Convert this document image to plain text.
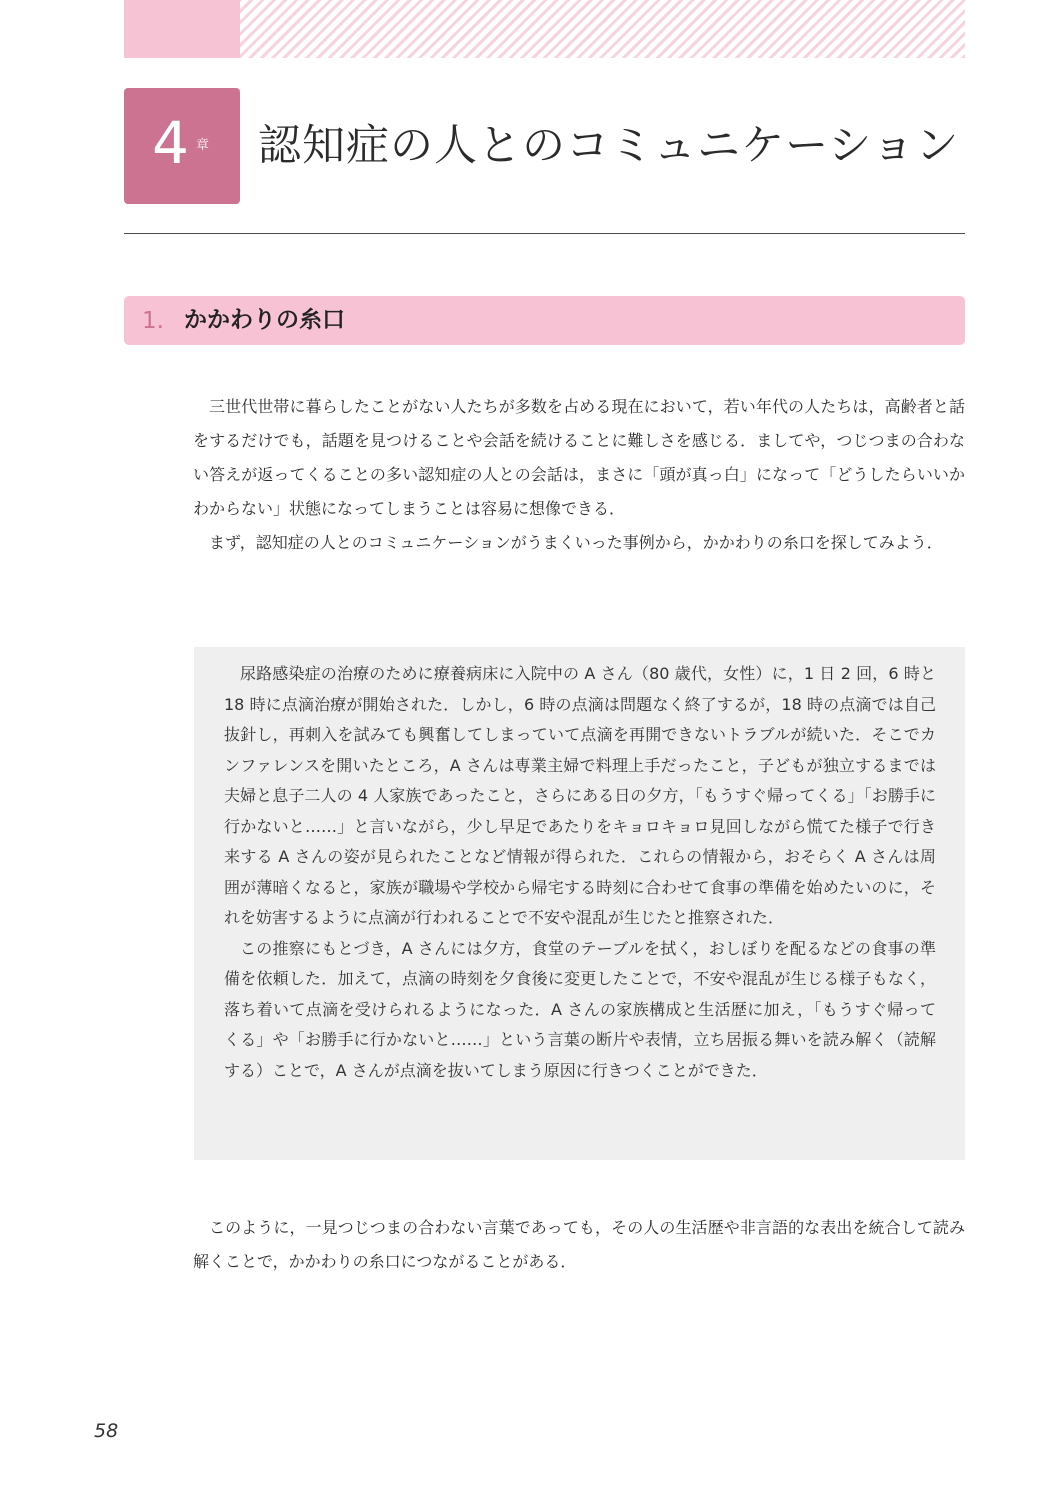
4 章 認知症の人とのコミュニケーション
1. かかわりの糸口

三世代世帯に暮らしたことがない人たちが多数を占める現在において，若い年代の人たちは，高齢者と話をするだけでも，話題を見つけることや会話を続けることに難しさを感じる．ましてや，つじつまの合わない答えが返ってくることの多い認知症の人との会話は，まさに「頭が真っ白」になって「どうしたらいいかわからない」状態になってしまうことは容易に想像できる．

まず，認知症の人とのコミュニケーションがうまくいった事例から，かかわりの糸口を探してみよう．

尿路感染症の治療のために療養病床に入院中の A さん（80 歳代，女性）に，1 日 2 回，6 時と 18 時に点滴治療が開始された．しかし，6 時の点滴は問題なく終了するが，18 時の点滴では自己抜針し，再刺入を試みても興奮してしまっていて点滴を再開できないトラブルが続いた．そこでカンファレンスを開いたところ，A さんは専業主婦で料理上手だったこと，子どもが独立するまでは夫婦と息子二人の 4 人家族であったこと，さらにある日の夕方，「もうすぐ帰ってくる」「お勝手に行かないと……」と言いながら，少し早足であたりをキョロキョロ見回しながら慌てた様子で行き来する A さんの姿が見られたことなど情報が得られた．これらの情報から，おそらく A さんは周囲が薄暗くなると，家族が職場や学校から帰宅する時刻に合わせて食事の準備を始めたいのに，それを妨害するように点滴が行われることで不安や混乱が生じたと推察された．

この推察にもとづき，A さんには夕方，食堂のテーブルを拭く，おしぼりを配るなどの食事の準備を依頼した．加えて，点滴の時刻を夕食後に変更したことで，不安や混乱が生じる様子もなく，落ち着いて点滴を受けられるようになった．A さんの家族構成と生活歴に加え，「もうすぐ帰ってくる」や「お勝手に行かないと……」という言葉の断片や表情，立ち居振る舞いを読み解く（読解する）ことで，A さんが点滴を抜いてしまう原因に行きつくことができた．

このように，一見つじつまの合わない言葉であっても，その人の生活歴や非言語的な表出を統合して読み解くことで，かかわりの糸口につながることがある．

58
